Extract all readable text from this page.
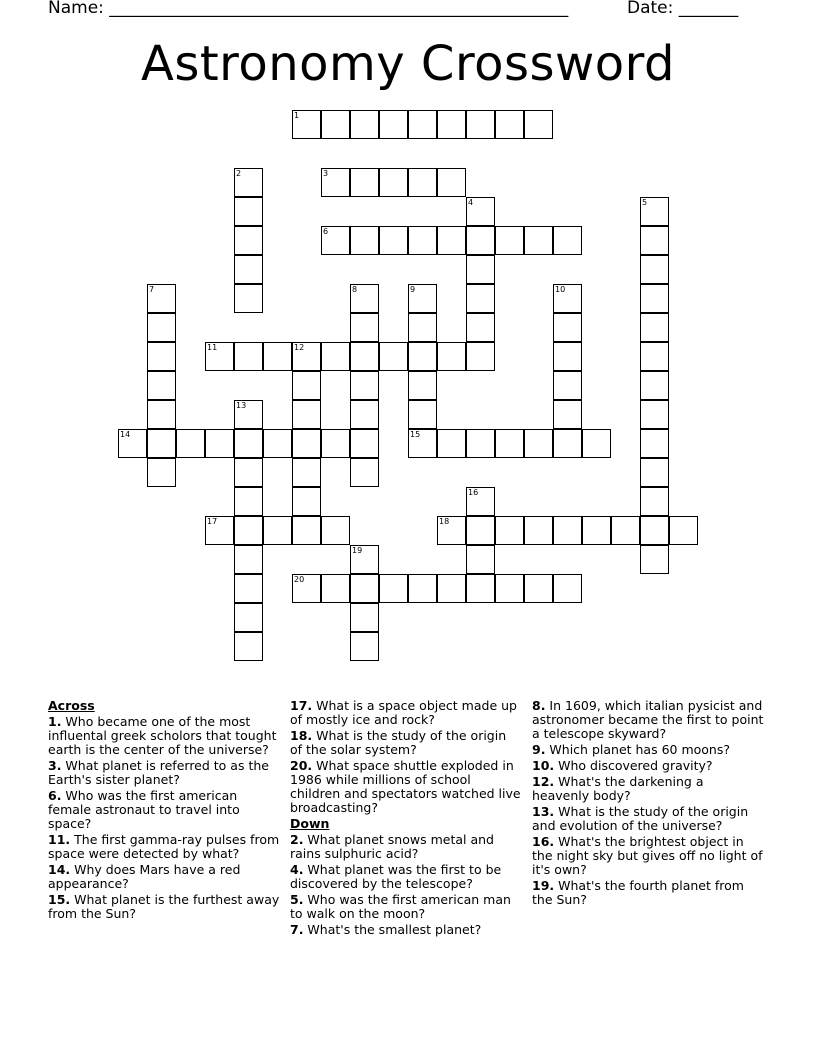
Name: ______________________________________________________	Date: _______
Astronomy Crossword
1
2	3
4	5
6
7	8	9
15
10
11	12
13
14
16
17	18
19
20
Across
1. Who became one of the most influental greek scholors that tought earth is the center of the universe?
3. What planet is referred to as the Earth's sister planet?
6. Who was the first american female astronaut to travel into space?
11. The first gamma-ray pulses from space were detected by what?
14. Why does Mars have a red appearance?
15. What planet is the furthest away from the Sun?
17. What is a space object made up of mostly ice and rock?
18. What is the study of the origin of the solar system?
20. What space shuttle exploded in 1986 while millions of school children and spectators watched live broadcasting?
Down
2. What planet snows metal and rains sulphuric acid?
4. What planet was the first to be discovered by the telescope?
5. Who was the first american man to walk on the moon?
7. What's the smallest planet?
8. In 1609, which italian pysicist and astronomer became the first to point a telescope skyward?
9. Which planet has 60 moons?
10. Who discovered gravity?
12. What's the darkening a heavenly body?
13. What is the study of the origin and evolution of the universe?
16. What's the brightest object in the night sky but gives off no light of it's own?
19. What's the fourth planet from the Sun?
